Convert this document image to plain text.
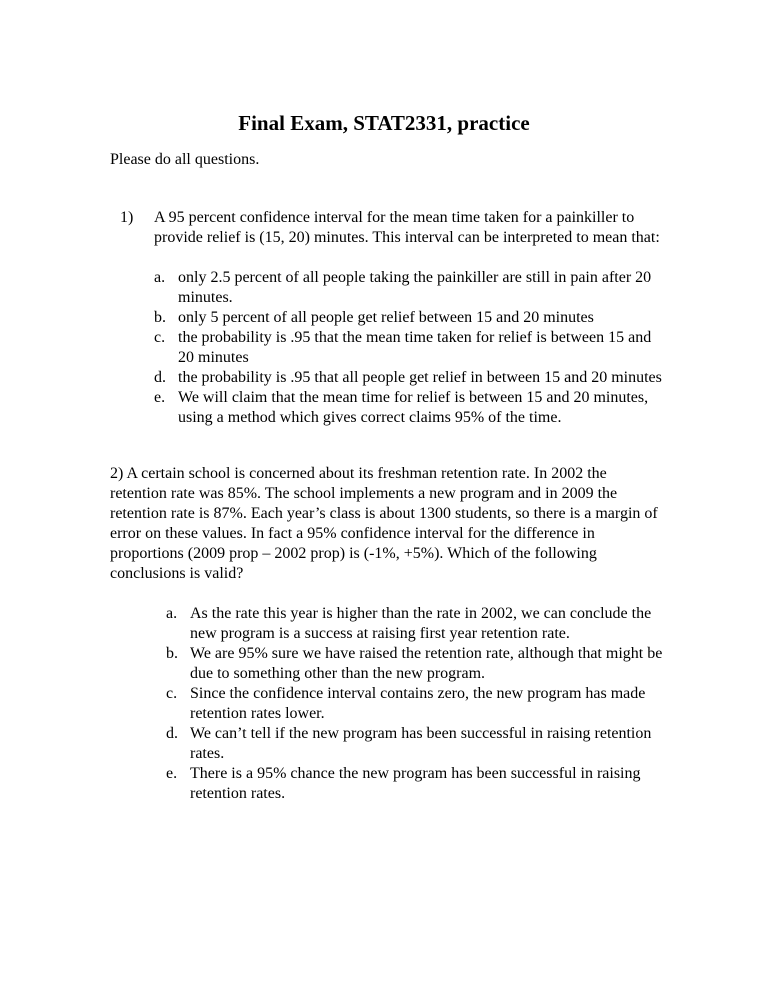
Final Exam, STAT2331, practice
Please do all questions.
1) A 95 percent confidence interval for the mean time taken for a painkiller to provide relief is (15, 20) minutes. This interval can be interpreted to mean that:
a. only 2.5 percent of all people taking the painkiller are still in pain after 20 minutes.
b. only 5 percent of all people get relief between 15 and 20 minutes
c. the probability is .95 that the mean time taken for relief is between 15 and 20 minutes
d. the probability is .95 that all people get relief in between 15 and 20 minutes
e. We will claim that the mean time for relief is between 15 and 20 minutes, using a method which gives correct claims 95% of the time.
2) A certain school is concerned about its freshman retention rate. In 2002 the retention rate was 85%. The school implements a new program and in 2009 the retention rate is 87%. Each year’s class is about 1300 students, so there is a margin of error on these values. In fact a 95% confidence interval for the difference in proportions (2009 prop – 2002 prop) is (-1%, +5%). Which of the following conclusions is valid?
a. As the rate this year is higher than the rate in 2002, we can conclude the new program is a success at raising first year retention rate.
b. We are 95% sure we have raised the retention rate, although that might be due to something other than the new program.
c. Since the confidence interval contains zero, the new program has made retention rates lower.
d. We can’t tell if the new program has been successful in raising retention rates.
e. There is a 95% chance the new program has been successful in raising retention rates.
